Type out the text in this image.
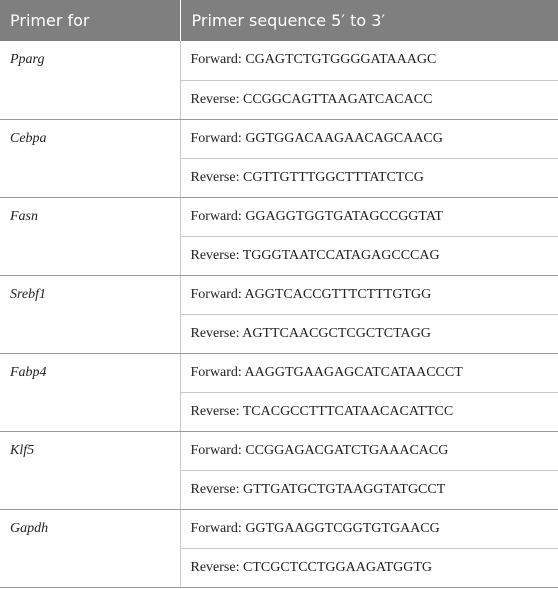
Primer for	Primer sequence 5′ to 3′
Pparg	Forward: CGAGTCTGTGGGGATAAAGC
	Reverse: CCGGCAGTTAAGATCACACC
Cebpa	Forward: GGTGGACAAGAACAGCAACG
	Reverse: CGTTGTTTGGCTTTATCTCG
Fasn	Forward: GGAGGTGGTGATAGCCGGTAT
	Reverse: TGGGTAATCCATAGAGCCCAG
Srebf1	Forward: AGGTCACCGTTTCTTTGTGG
	Reverse: AGTTCAACGCTCGCTCTAGG
Fabp4	Forward: AAGGTGAAGAGCATCATAACCCT
	Reverse: TCACGCCTTTCATAACACATTCC
Klf5	Forward: CCGGAGACGATCTGAAACACG
	Reverse: GTTGATGCTGTAAGGTATGCCT
Gapdh	Forward: GGTGAAGGTCGGTGTGAACG
	Reverse: CTCGCTCCTGGAAGATGGTG
